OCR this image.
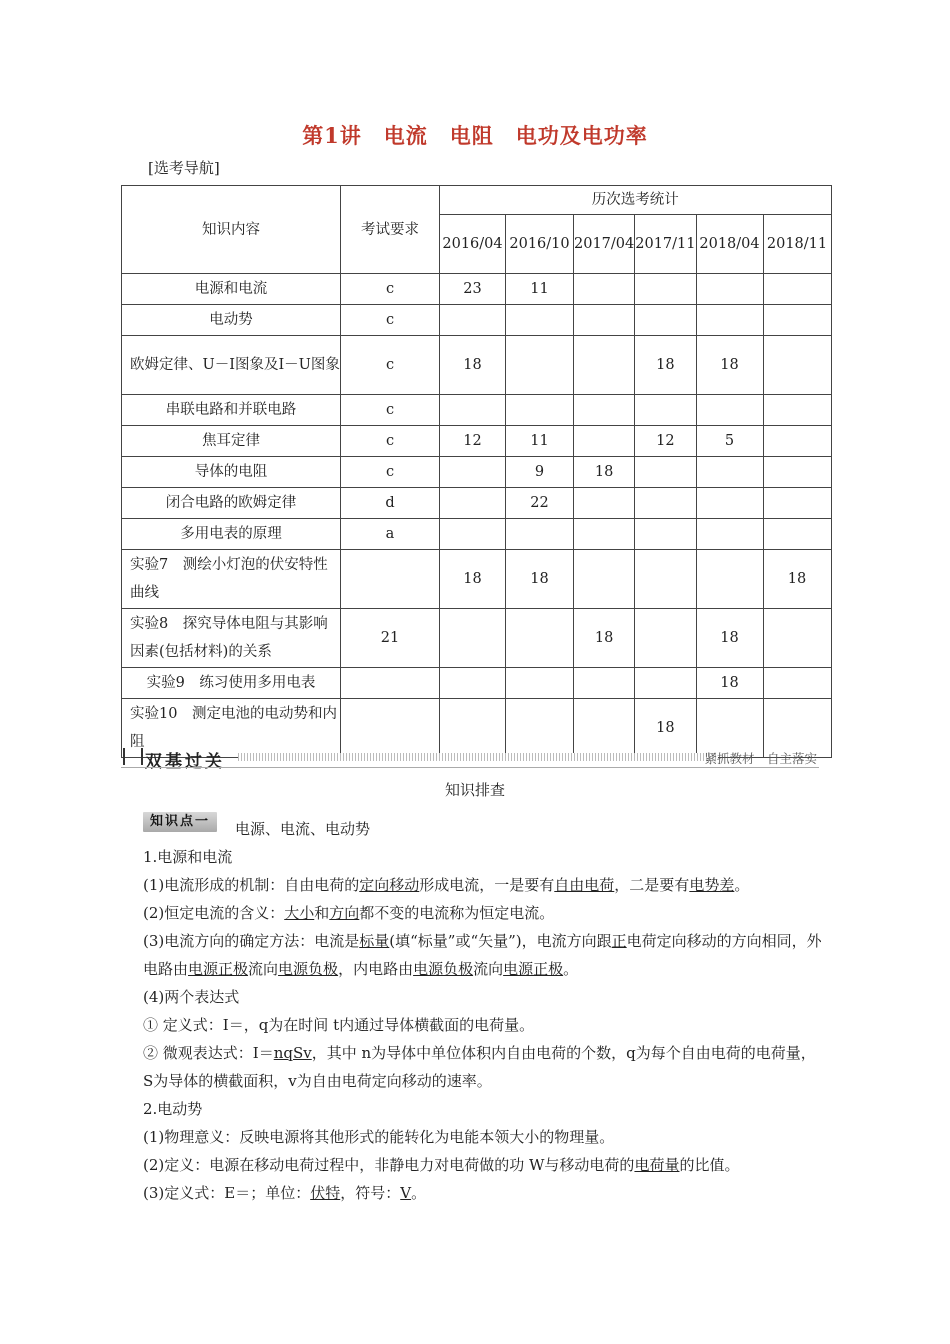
第1讲　电流　电阻　电功及电功率
[选考导航]
知识内容	考试要求	历次选考统计					
		2016/04	2016/10	2017/04	2017/11	2018/04	2018/11
电源和电流	c	23	11				
电动势	c						
欧姆定律、U－I图象及I－U图象	c	18			18	18	
串联电路和并联电路	c						
焦耳定律	c	12	11		12	5	
导体的电阻	c		9	18			
闭合电路的欧姆定律	d		22				
多用电表的原理	a						
实验7　测绘小灯泡的伏安特性曲线		18	18				18
实验8　探究导体电阻与其影响因素(包括材料)的关系	21			18		18	
实验9　练习使用多用电表						18	
实验10　测定电池的电动势和内阻					18		
双基过关	紧抓教材　自主落实
知识排查
知识点一	电源、电流、电动势
1.电源和电流
(1)电流形成的机制：自由电荷的定向移动形成电流，一是要有自由电荷，二是要有电势差。
(2)恒定电流的含义：大小和方向都不变的电流称为恒定电流。
(3)电流方向的确定方法：电流是标量(填“标量”或“矢量”)，电流方向跟正电荷定向移动的方向相同，外电路由电源正极流向电源负极，内电路由电源负极流向电源正极。
(4)两个表达式
① 定义式：I＝，q为在时间 t内通过导体横截面的电荷量。
② 微观表达式：I＝nqSv，其中 n为导体中单位体积内自由电荷的个数，q为每个自由电荷的电荷量，S为导体的横截面积，v为自由电荷定向移动的速率。
2.电动势
(1)物理意义：反映电源将其他形式的能转化为电能本领大小的物理量。
(2)定义：电源在移动电荷过程中，非静电力对电荷做的功 W与移动电荷的电荷量的比值。
(3)定义式：E＝；单位：伏特，符号：V。
